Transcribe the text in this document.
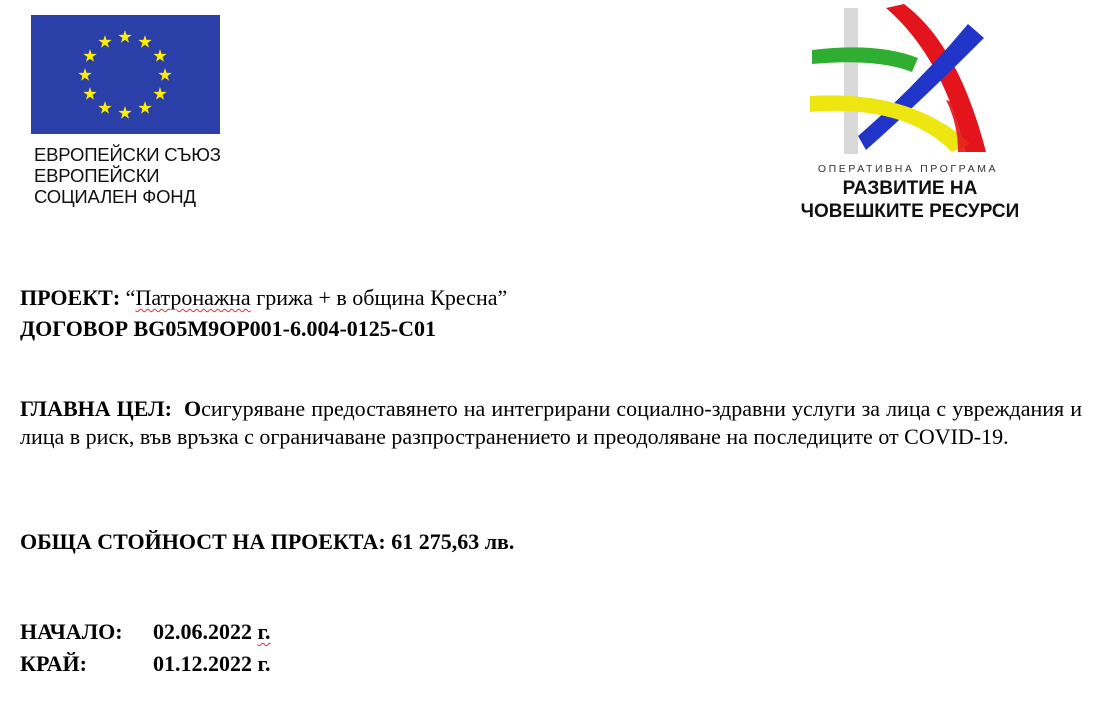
ЕВРОПЕЙСКИ СЪЮЗ
ЕВРОПЕЙСКИ
СОЦИАЛЕН ФОНД
ОПЕРАТИВНА ПРОГРАМА
РАЗВИТИЕ НА
ЧОВЕШКИТЕ РЕСУРСИ
ПРОЕКТ: “Патронажна грижа + в община Кресна”
ДОГОВОР BG05M9OP001-6.004-0125-C01
ГЛАВНА ЦЕЛ: Осигуряване предоставянето на интегрирани социално-здравни услуги за лица с увреждания и лица в риск, във връзка с ограничаване разпространението и преодоляване на последиците от COVID-19.
ОБЩА СТОЙНОСТ НА ПРОЕКТА: 61 275,63 лв.
НАЧАЛО: 02.06.2022 г.
КРАЙ:	01.12.2022 г.
